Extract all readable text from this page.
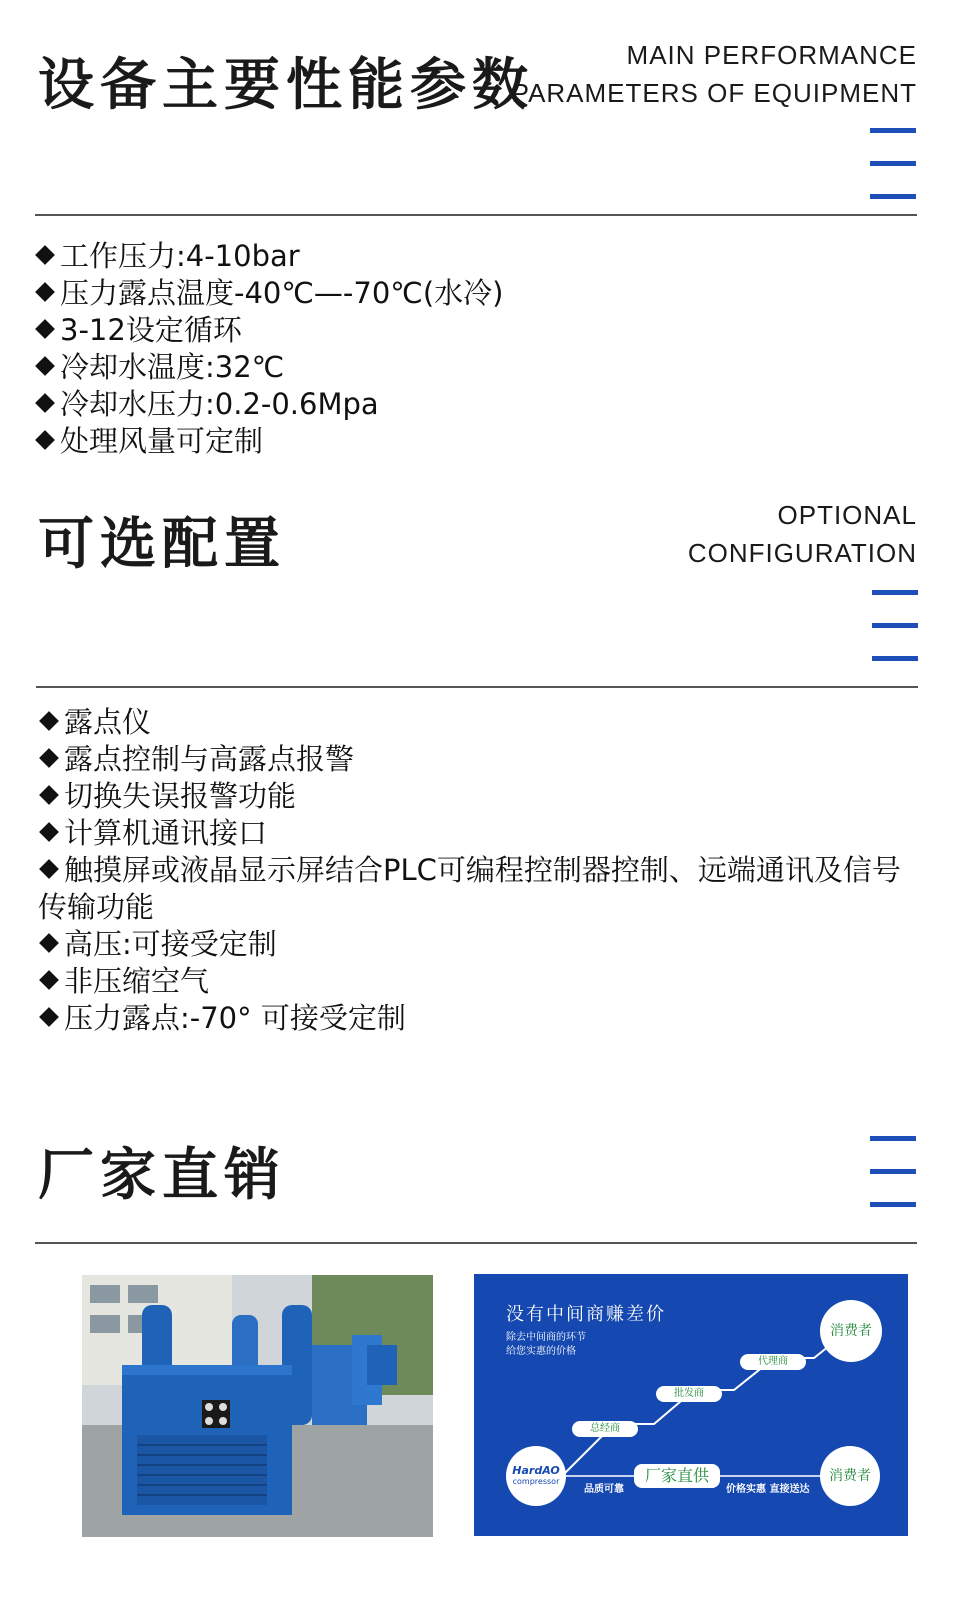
设备主要性能参数	MAIN PERFORMANCE
PARAMETERS OF EQUIPMENT
工作压力:4-10bar
压力露点温度-40℃—-70℃(水冷)
3-12设定循环
冷却水温度:32℃
冷却水压力:0.2-0.6Mpa
处理风量可定制
可选配置	OPTIONAL
CONFIGURATION
露点仪
露点控制与高露点报警
切换失误报警功能
计算机通讯接口
触摸屏或液晶显示屏结合PLC可编程控制器控制、远端通讯及信号传输功能
高压:可接受定制
非压缩空气
压力露点:-70° 可接受定制
厂家直销
没有中间商赚差价
除去中间商的环节
给您实惠的价格
消费者
代理商
批发商
总经商
HardAO
compressor
品质可靠
厂家直供
价格实惠 直接送达
消费者
